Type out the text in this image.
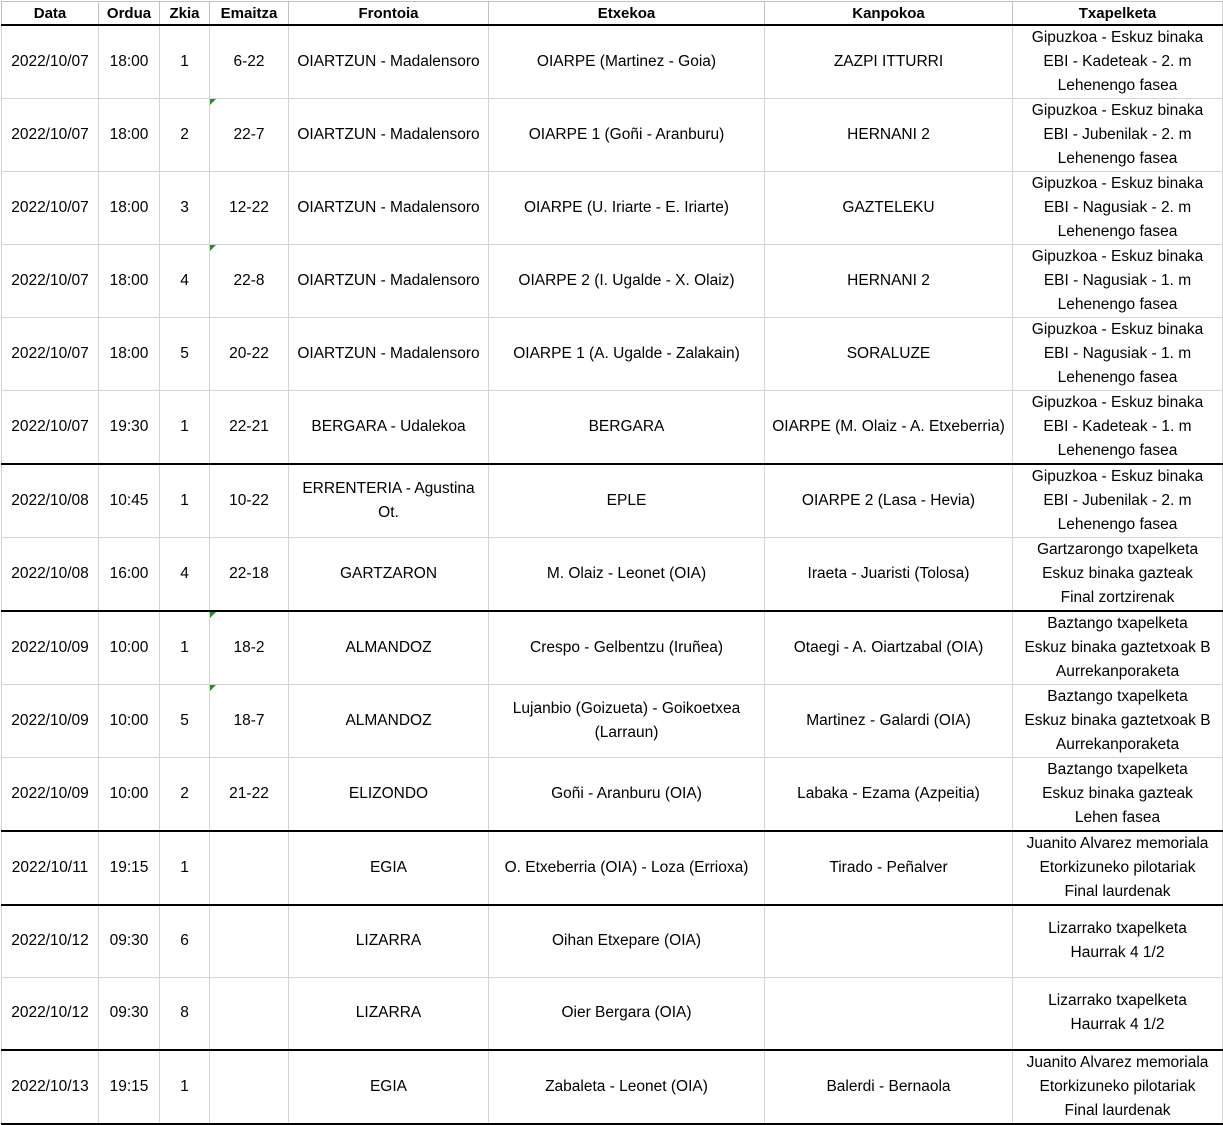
Data	Ordua	Zkia	Emaitza	Frontoia	Etxekoa	Kanpokoa	Txapelketa
2022/10/07	18:00	1	6-22	OIARTZUN - Madalensoro	OIARPE (Martinez - Goia)	ZAZPI ITTURRI	Gipuzkoa - Eskuz binaka
EBI - Kadeteak - 2. m
Lehenengo fasea

2022/10/07	18:00	2	22-7	OIARTZUN - Madalensoro	OIARPE 1 (Goñi - Aranburu)	HERNANI 2	Gipuzkoa - Eskuz binaka
EBI - Jubenilak - 2. m
Lehenengo fasea

2022/10/07	18:00	3	12-22	OIARTZUN - Madalensoro	OIARPE (U. Iriarte - E. Iriarte)	GAZTELEKU	Gipuzkoa - Eskuz binaka
EBI - Nagusiak - 2. m
Lehenengo fasea

2022/10/07	18:00	4	22-8	OIARTZUN - Madalensoro	OIARPE 2 (I. Ugalde - X. Olaiz)	HERNANI 2	Gipuzkoa - Eskuz binaka
EBI - Nagusiak - 1. m
Lehenengo fasea

2022/10/07	18:00	5	20-22	OIARTZUN - Madalensoro	OIARPE 1 (A. Ugalde - Zalakain)	SORALUZE	Gipuzkoa - Eskuz binaka
EBI - Nagusiak - 1. m
Lehenengo fasea

2022/10/07	19:30	1	22-21	BERGARA - Udalekoa	BERGARA	OIARPE (M. Olaiz - A. Etxeberria)	Gipuzkoa - Eskuz binaka
EBI - Kadeteak - 1. m
Lehenengo fasea

2022/10/08	10:45	1	10-22	ERRENTERIA - Agustina Ot.	EPLE	OIARPE 2 (Lasa - Hevia)	Gipuzkoa - Eskuz binaka
EBI - Jubenilak - 2. m
Lehenengo fasea

2022/10/08	16:00	4	22-18	GARTZARON	M. Olaiz - Leonet (OIA)	Iraeta - Juaristi (Tolosa)	Gartzarongo txapelketa
Eskuz binaka gazteak
Final zortzirenak

2022/10/09	10:00	1	18-2	ALMANDOZ	Crespo - Gelbentzu (Iruñea)	Otaegi - A. Oiartzabal (OIA)	Baztango txapelketa
Eskuz binaka gaztetxoak B
Aurrekanporaketa

2022/10/09	10:00	5	18-7	ALMANDOZ	Lujanbio (Goizueta) - Goikoetxea (Larraun)	Martinez - Galardi (OIA)	Baztango txapelketa
Eskuz binaka gaztetxoak B
Aurrekanporaketa

2022/10/09	10:00	2	21-22	ELIZONDO	Goñi - Aranburu (OIA)	Labaka - Ezama (Azpeitia)	Baztango txapelketa
Eskuz binaka gazteak
Lehen fasea

2022/10/11	19:15	1		EGIA	O. Etxeberria (OIA) - Loza (Errioxa)	Tirado - Peñalver	Juanito Alvarez memoriala
Etorkizuneko pilotariak
Final laurdenak

2022/10/12	09:30	6		LIZARRA	Oihan Etxepare (OIA)		Lizarrako txapelketa
Haurrak 4 1/2

2022/10/12	09:30	8		LIZARRA	Oier Bergara (OIA)		Lizarrako txapelketa
Haurrak 4 1/2

2022/10/13	19:15	1		EGIA	Zabaleta - Leonet (OIA)	Balerdi - Bernaola	Juanito Alvarez memoriala
Etorkizuneko pilotariak
Final laurdenak
